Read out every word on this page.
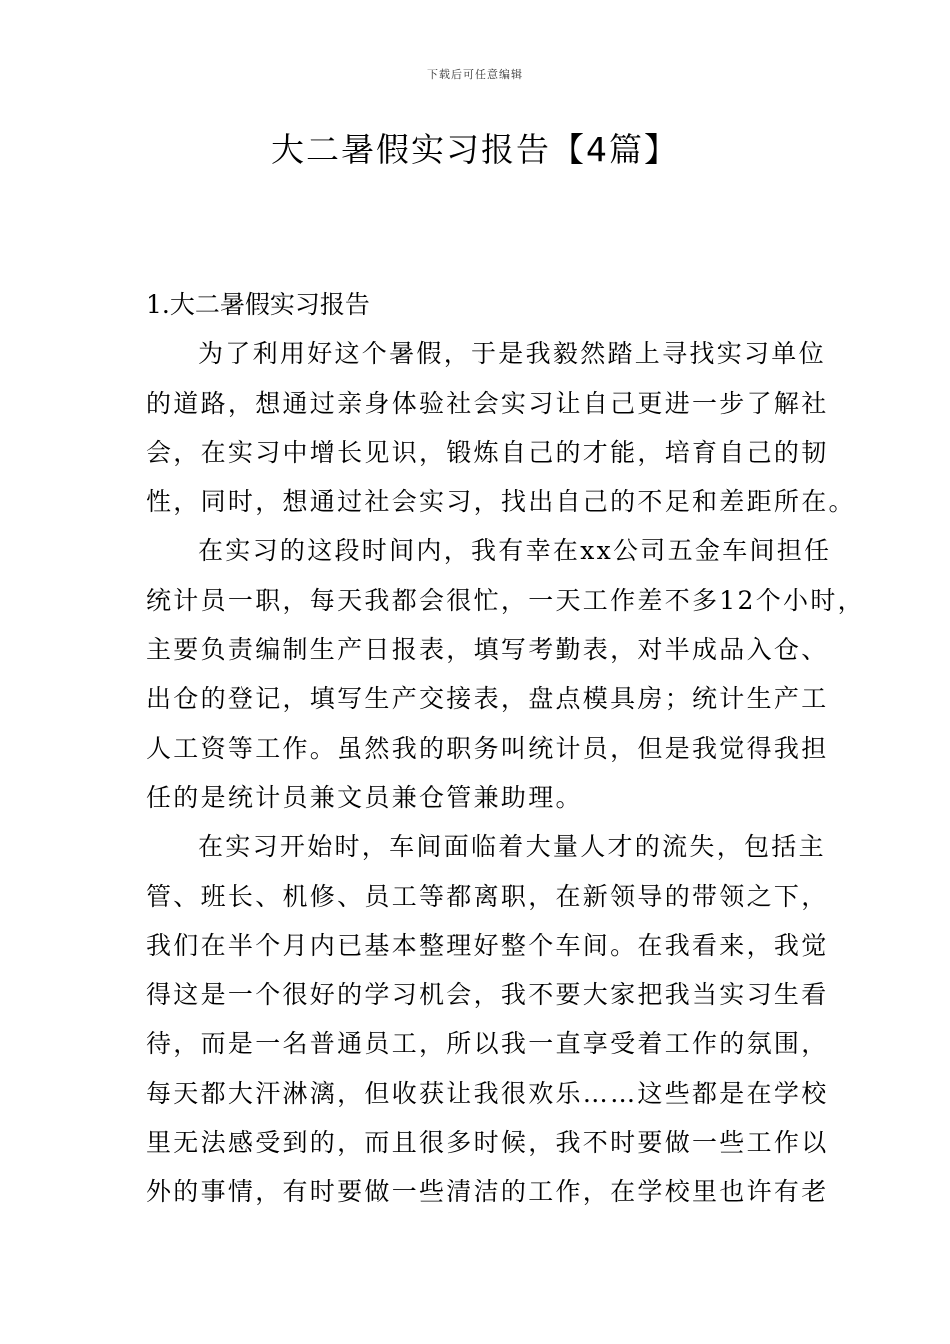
下载后可任意编辑
大二暑假实习报告【4篇】
1.大二暑假实习报告
为了利用好这个暑假，于是我毅然踏上寻找实习单位
的道路，想通过亲身体验社会实习让自己更进一步了解社
会，在实习中增长见识，锻炼自己的才能，培育自己的韧
性，同时，想通过社会实习，找出自己的不足和差距所在。
在实习的这段时间内，我有幸在xx公司五金车间担任
统计员一职，每天我都会很忙，一天工作差不多12个小时，
主要负责编制生产日报表，填写考勤表，对半成品入仓、
出仓的登记，填写生产交接表，盘点模具房；统计生产工
人工资等工作。虽然我的职务叫统计员，但是我觉得我担
任的是统计员兼文员兼仓管兼助理。
在实习开始时，车间面临着大量人才的流失，包括主
管、班长、机修、员工等都离职，在新领导的带领之下，
我们在半个月内已基本整理好整个车间。在我看来，我觉
得这是一个很好的学习机会，我不要大家把我当实习生看
待，而是一名普通员工，所以我一直享受着工作的氛围，
每天都大汗淋漓，但收获让我很欢乐……这些都是在学校
里无法感受到的，而且很多时候，我不时要做一些工作以
外的事情，有时要做一些清洁的工作，在学校里也许有老
